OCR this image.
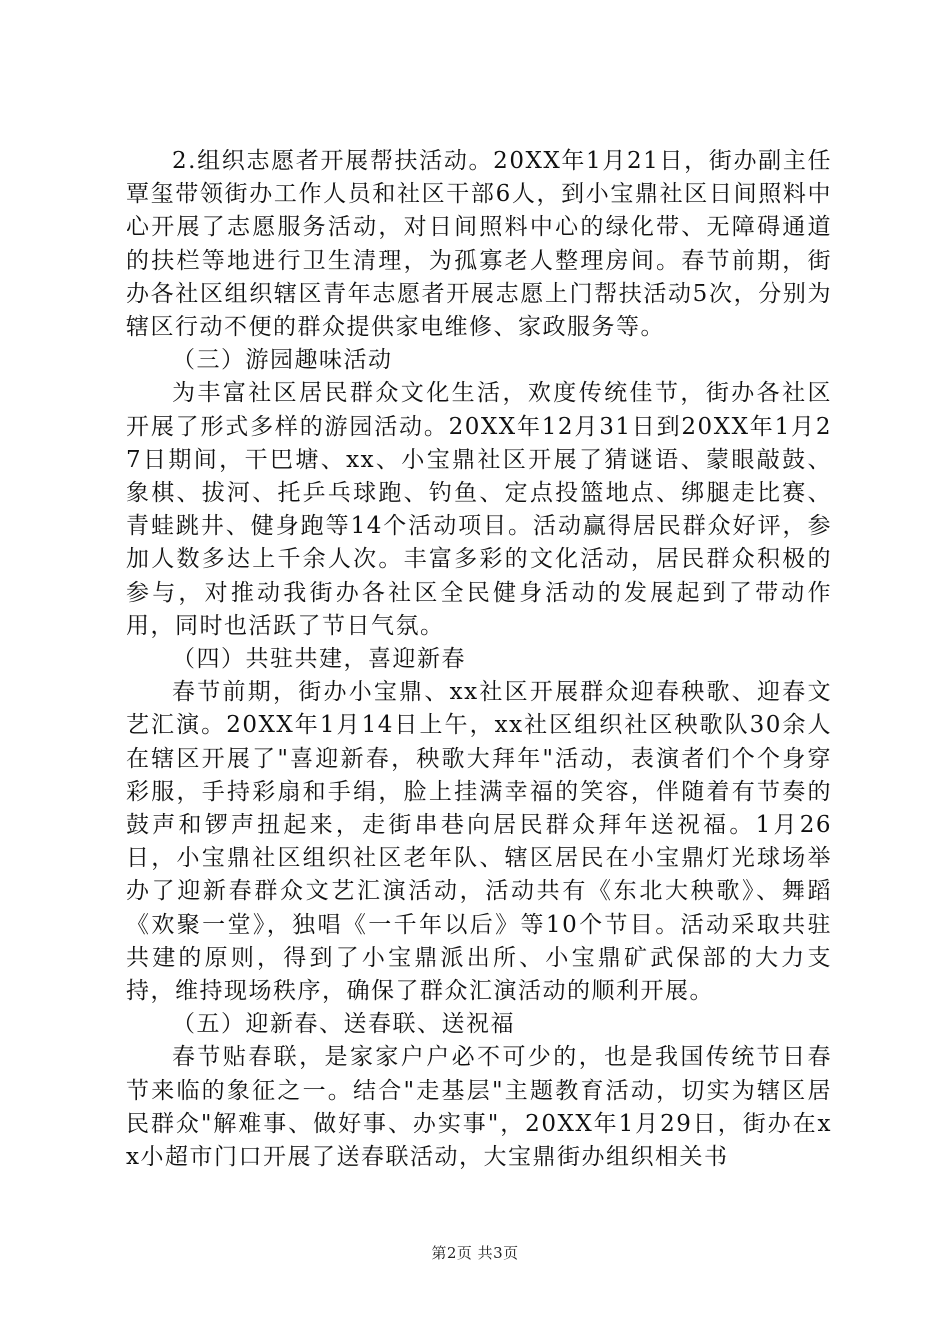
2.组织志愿者开展帮扶活动。20XX年1月21日，街办副主任覃玺带领街办工作人员和社区干部6人，到小宝鼎社区日间照料中心开展了志愿服务活动，对日间照料中心的绿化带、无障碍通道的扶栏等地进行卫生清理，为孤寡老人整理房间。春节前期，街办各社区组织辖区青年志愿者开展志愿上门帮扶活动5次，分别为辖区行动不便的群众提供家电维修、家政服务等。

（三）游园趣味活动

为丰富社区居民群众文化生活，欢度传统佳节，街办各社区开展了形式多样的游园活动。20XX年12月31日到20XX年1月27日期间，干巴塘、xx、小宝鼎社区开展了猜谜语、蒙眼敲鼓、象棋、拔河、托乒乓球跑、钓鱼、定点投篮地点、绑腿走比赛、青蛙跳井、健身跑等14个活动项目。活动赢得居民群众好评，参加人数多达上千余人次。丰富多彩的文化活动，居民群众积极的参与，对推动我街办各社区全民健身活动的发展起到了带动作用，同时也活跃了节日气氛。

（四）共驻共建，喜迎新春

春节前期，街办小宝鼎、xx社区开展群众迎春秧歌、迎春文艺汇演。20XX年1月14日上午，xx社区组织社区秧歌队30余人在辖区开展了"喜迎新春，秧歌大拜年"活动，表演者们个个身穿彩服，手持彩扇和手绢，脸上挂满幸福的笑容，伴随着有节奏的鼓声和锣声扭起来，走街串巷向居民群众拜年送祝福。1月26日，小宝鼎社区组织社区老年队、辖区居民在小宝鼎灯光球场举办了迎新春群众文艺汇演活动，活动共有《东北大秧歌》、舞蹈《欢聚一堂》，独唱《一千年以后》等10个节目。活动采取共驻共建的原则，得到了小宝鼎派出所、小宝鼎矿武保部的大力支持，维持现场秩序，确保了群众汇演活动的顺利开展。

（五）迎新春、送春联、送祝福

春节贴春联，是家家户户必不可少的，也是我国传统节日春节来临的象征之一。结合"走基层"主题教育活动，切实为辖区居民群众"解难事、做好事、办实事"，20XX年1月29日，街办在xx小超市门口开展了送春联活动，大宝鼎街办组织相关书

第2页 共3页
